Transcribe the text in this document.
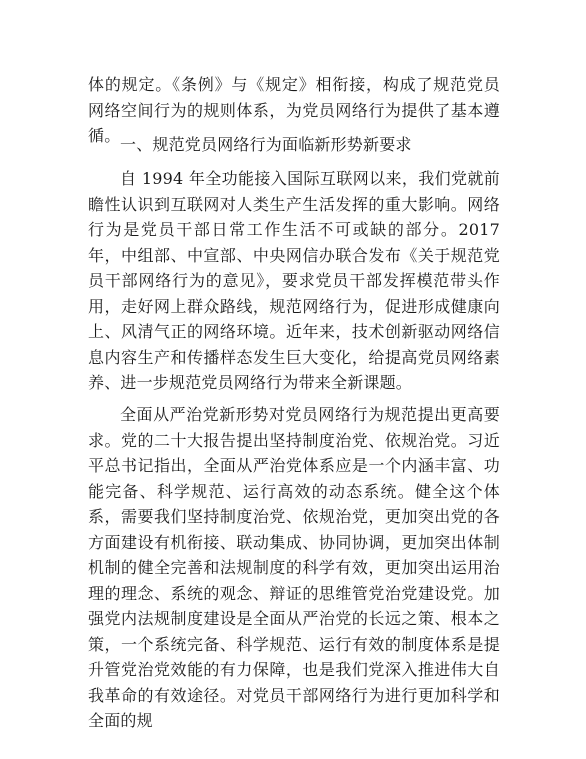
体的规定。《条例》与《规定》相衔接，构成了规范党员网络空间行为的规则体系，为党员网络行为提供了基本遵循。 一、规范党员网络行为面临新形势新要求

自 1994 年全功能接入国际互联网以来，我们党就前瞻性认识到互联网对人类生产生活发挥的重大影响。网络行为是党员干部日常工作生活不可或缺的部分。2017 年，中组部、中宣部、中央网信办联合发布《关于规范党员干部网络行为的意见》，要求党员干部发挥模范带头作用，走好网上群众路线，规范网络行为，促进形成健康向上、风清气正的网络环境。近年来，技术创新驱动网络信息内容生产和传播样态发生巨大变化，给提高党员网络素养、进一步规范党员网络行为带来全新课题。

全面从严治党新形势对党员网络行为规范提出更高要求。党的二十大报告提出坚持制度治党、依规治党。习近平总书记指出，全面从严治党体系应是一个内涵丰富、功能完备、科学规范、运行高效的动态系统。健全这个体系，需要我们坚持制度治党、依规治党，更加突出党的各方面建设有机衔接、联动集成、协同协调，更加突出体制机制的健全完善和法规制度的科学有效，更加突出运用治理的理念、系统的观念、辩证的思维管党治党建设党。加强党内法规制度建设是全面从严治党的长远之策、根本之策，一个系统完备、科学规范、运行有效的制度体系是提升管党治党效能的有力保障，也是我们党深入推进伟大自我革命的有效途径。对党员干部网络行为进行更加科学和全面的规
